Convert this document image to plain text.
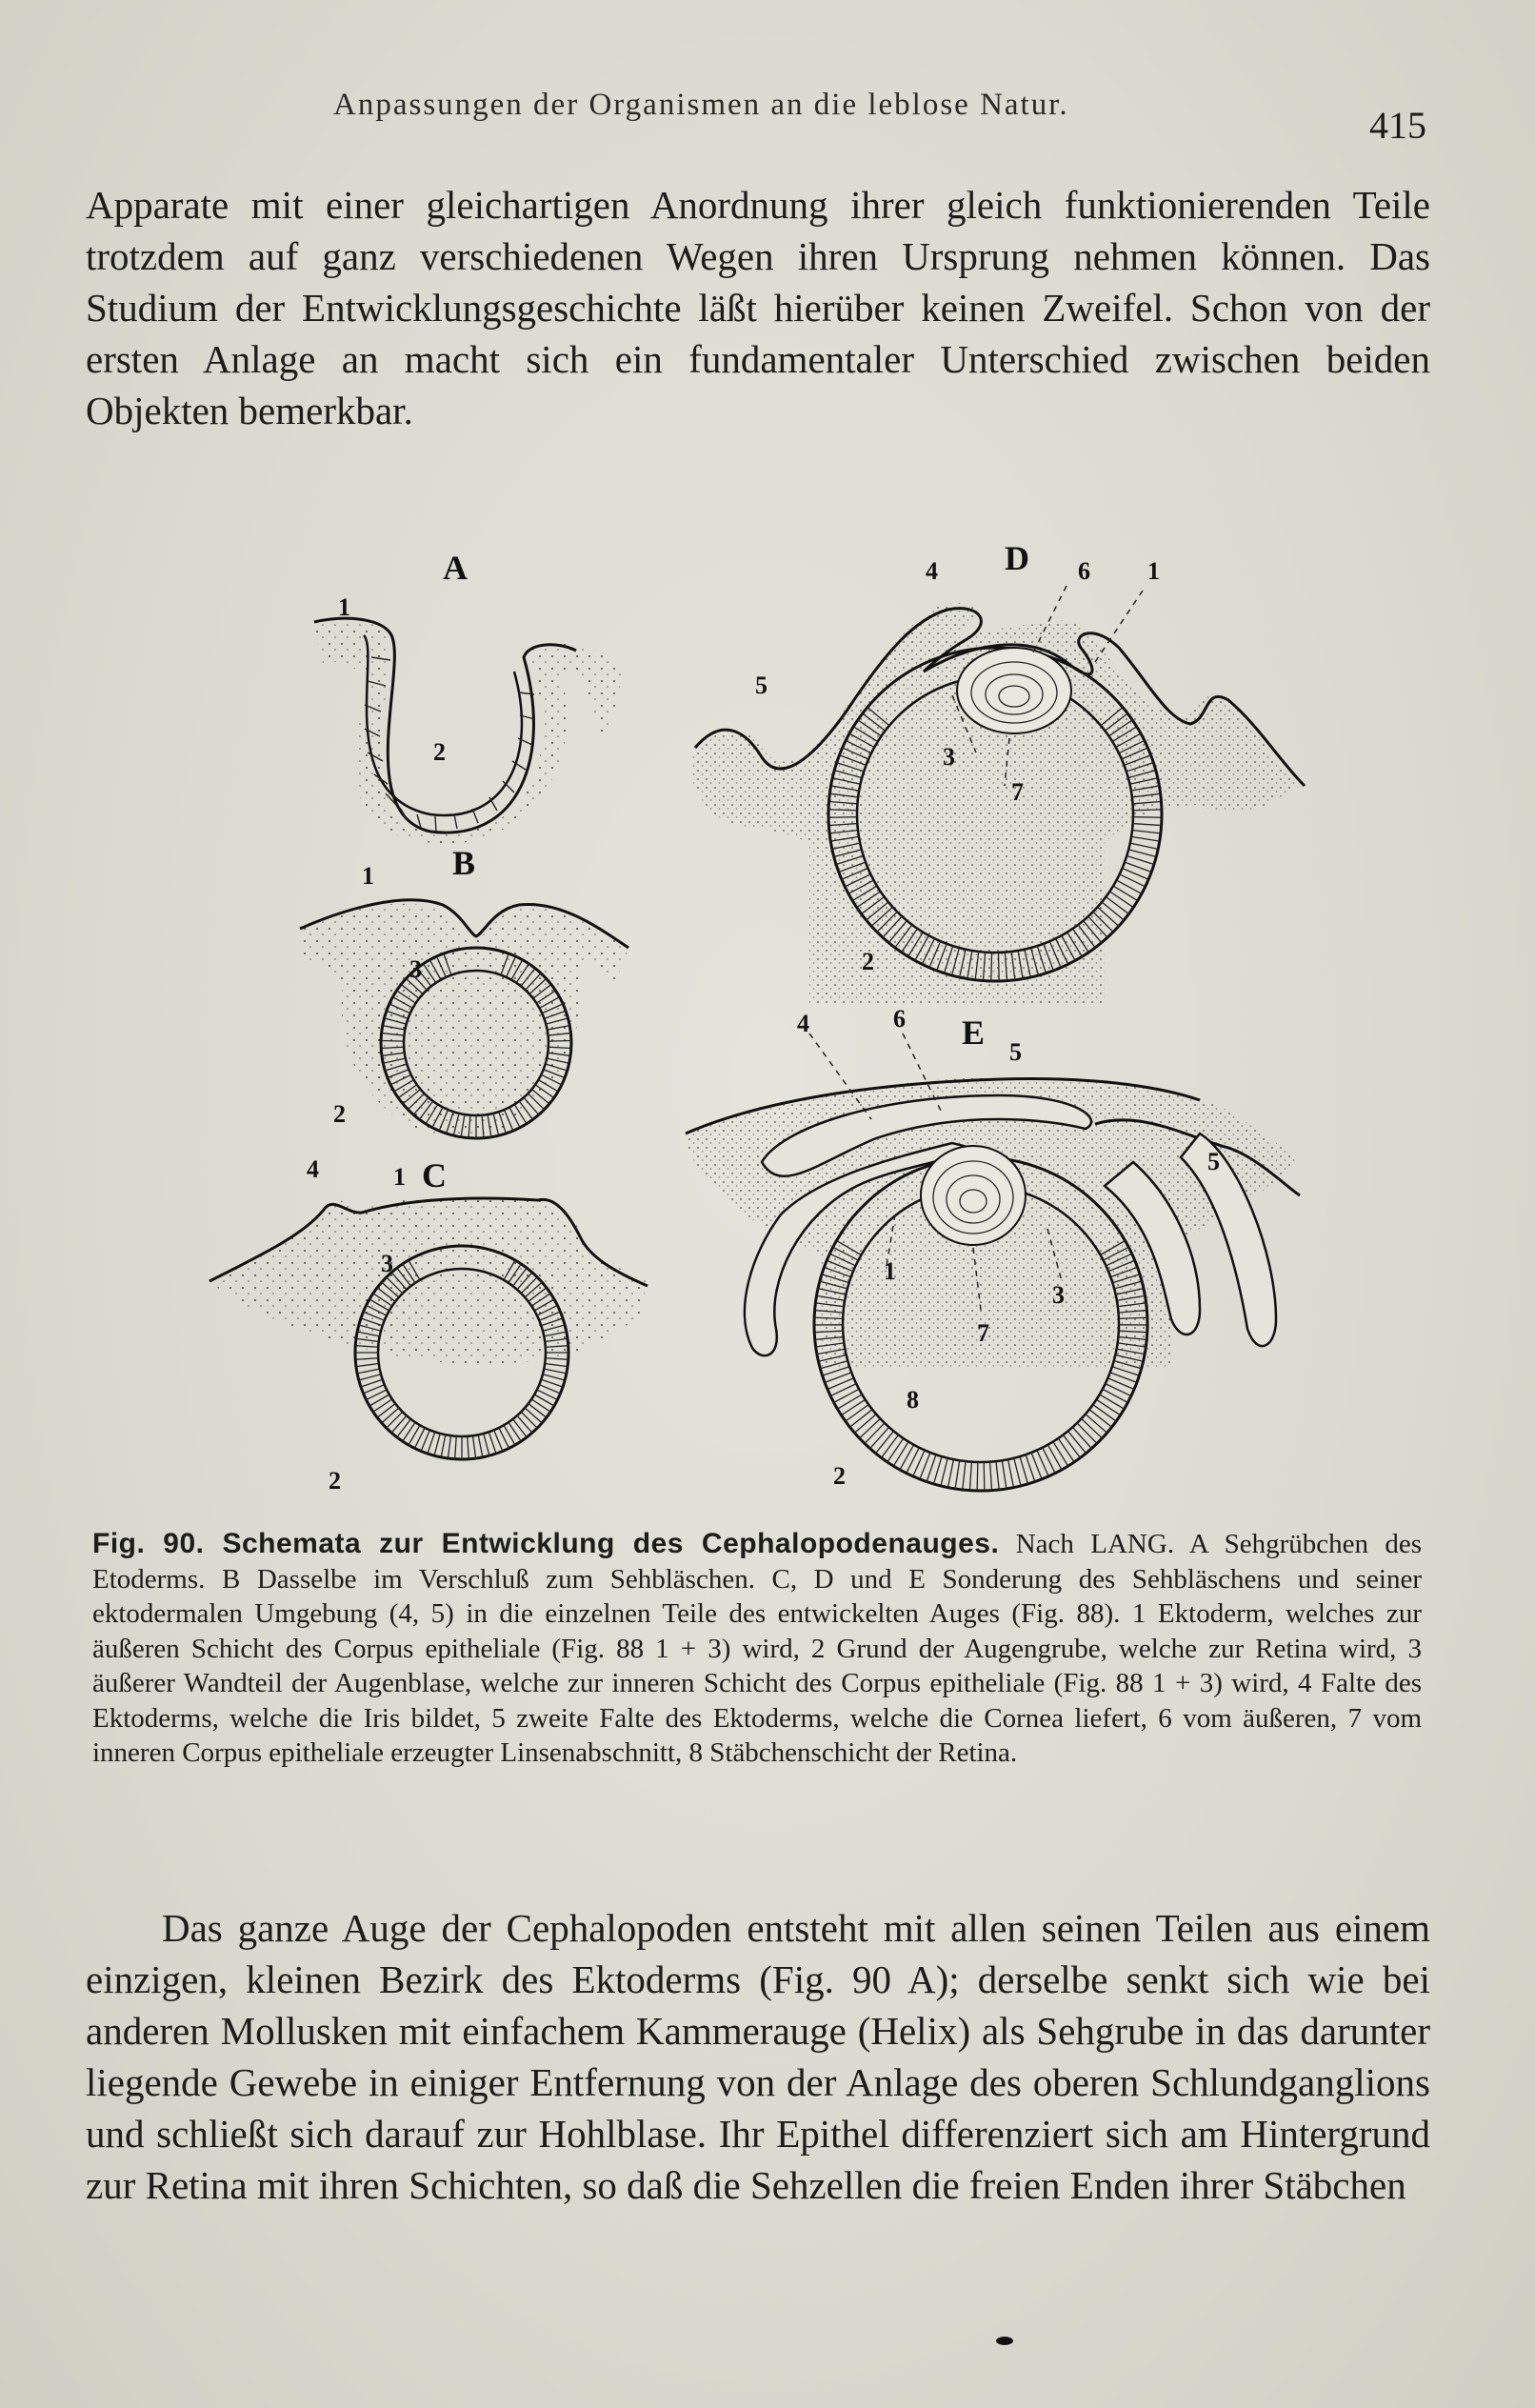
Anpassungen der Organismen an die leblose Natur.	415
Apparate mit einer gleichartigen Anordnung ihrer gleich funktionierenden Teile trotzdem auf ganz verschiedenen Wegen ihren Ursprung nehmen können. Das Studium der Entwicklungsgeschichte läßt hierüber keinen Zweifel. Schon von der ersten Anlage an macht sich ein fundamentaler Unterschied zwischen beiden Objekten bemerkbar.
A
B
C
D
E
1
2
1
3
2
4	1
3
2
4	6 1
5
3
7
2
4	6
5
5
1
3
7
8
2
Fig. 90. Schemata zur Entwicklung des Cephalopodenauges. Nach LANG. A Sehgrübchen des Etoderms. B Dasselbe im Verschluß zum Sehbläschen. C, D und E Sonderung des Sehbläschens und seiner ektodermalen Umgebung (4, 5) in die einzelnen Teile des entwickelten Auges (Fig. 88). 1 Ektoderm, welches zur äußeren Schicht des Corpus epitheliale (Fig. 88 1 + 3) wird, 2 Grund der Augengrube, welche zur Retina wird, 3 äußerer Wandteil der Augenblase, welche zur inneren Schicht des Corpus epitheliale (Fig. 88 1 + 3) wird, 4 Falte des Ektoderms, welche die Iris bildet, 5 zweite Falte des Ektoderms, welche die Cornea liefert, 6 vom äußeren, 7 vom inneren Corpus epitheliale erzeugter Linsenabschnitt, 8 Stäbchenschicht der Retina.
Das ganze Auge der Cephalopoden entsteht mit allen seinen Teilen aus einem einzigen, kleinen Bezirk des Ektoderms (Fig. 90 A); derselbe senkt sich wie bei anderen Mollusken mit einfachem Kammerauge (Helix) als Sehgrube in das darunter liegende Gewebe in einiger Entfernung von der Anlage des oberen Schlundganglions und schließt sich darauf zur Hohlblase. Ihr Epithel differenziert sich am Hintergrund zur Retina mit ihren Schichten, so daß die Sehzellen die freien Enden ihrer Stäbchen
